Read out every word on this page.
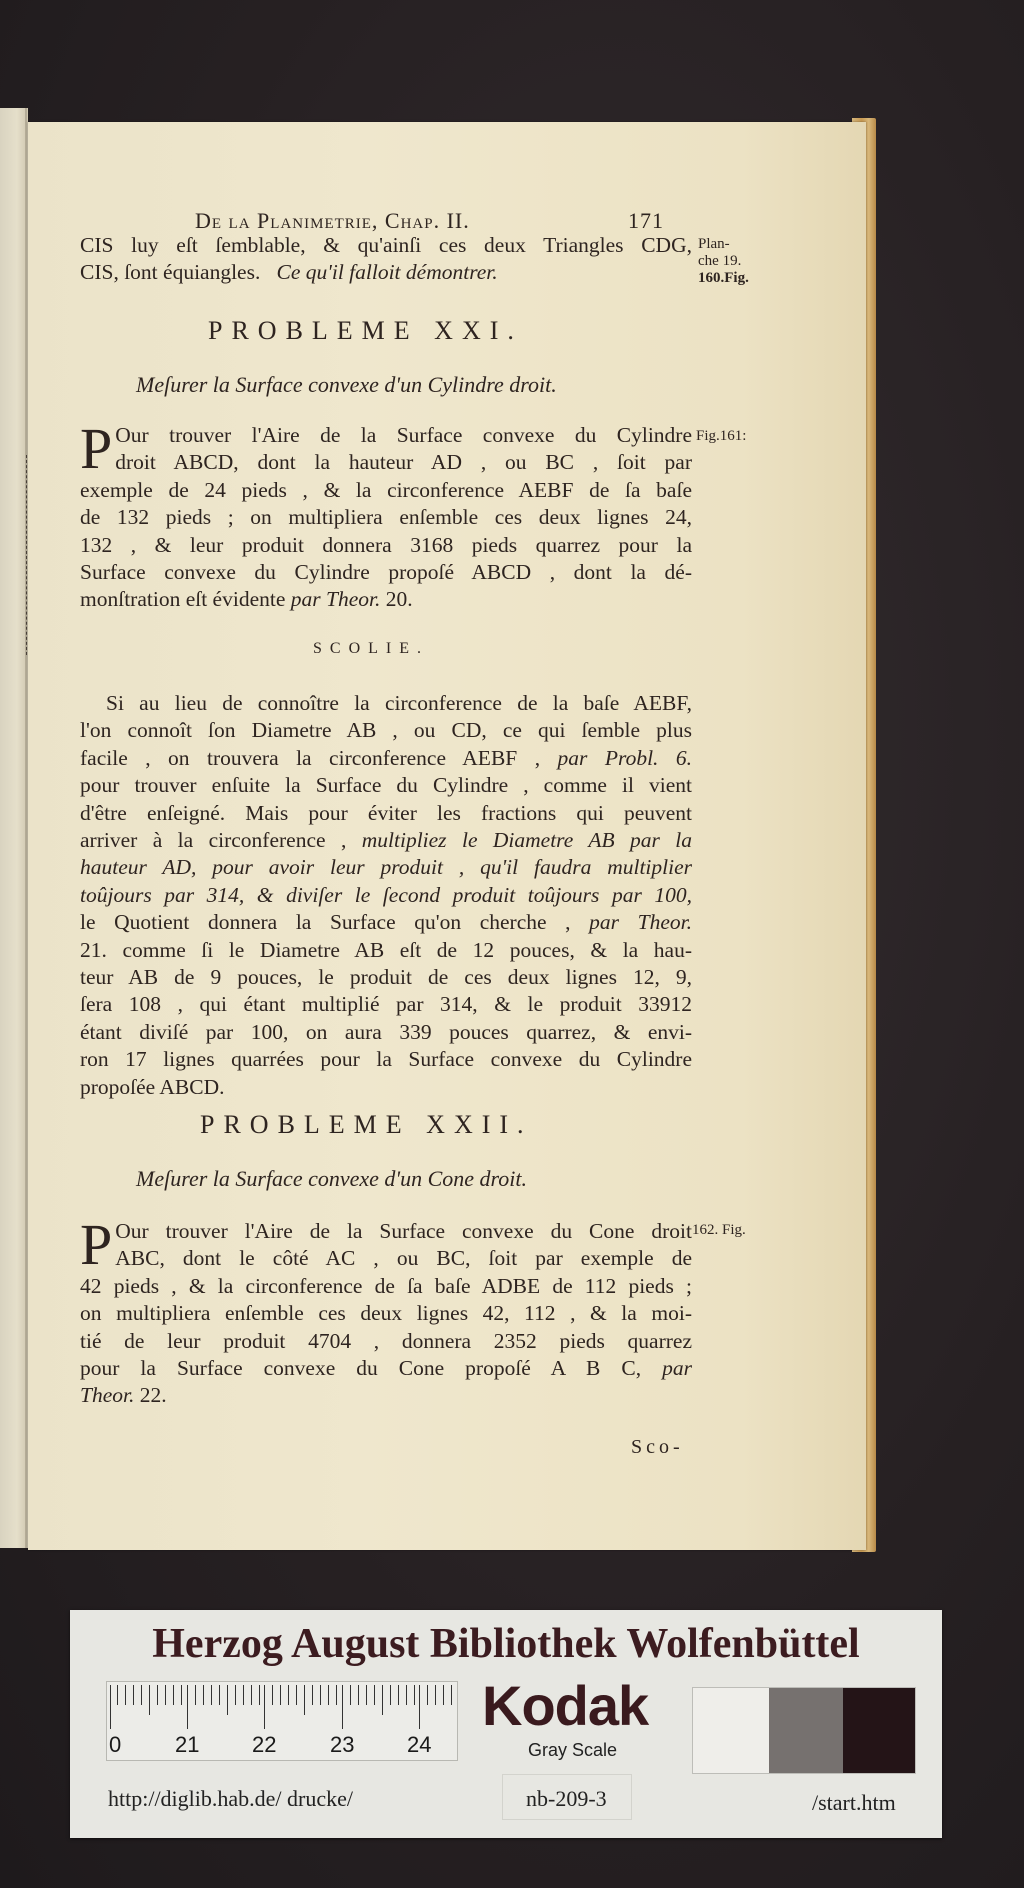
De la Planimetrie, Chap. II.	171
CIS luy eſt ſemblable, & qu'ainſi ces deux Triangles CDG,
CIS, ſont équiangles. Ce qu'il falloit démontrer.
Plan-
che 19.
160.Fig.
PROBLEME XXI.
Meſurer la Surface convexe d'un Cylindre droit.
P Our trouver l'Aire de la Surface convexe du Cylindre
droit ABCD, dont la hauteur AD , ou BC , ſoit par
exemple de 24 pieds , & la circonference AEBF de ſa baſe
de 132 pieds ; on multipliera enſemble ces deux lignes 24,
132 , & leur produit donnera 3168 pieds quarrez pour la
Surface convexe du Cylindre propoſé ABCD , dont la dé-
monſtration eſt évidente par Theor. 20.
Fig.161:
SCOLIE.
Si au lieu de connoître la circonference de la baſe AEBF,
l'on connoît ſon Diametre AB , ou CD, ce qui ſemble plus
facile , on trouvera la circonference AEBF , par Probl. 6.
pour trouver enſuite la Surface du Cylindre , comme il vient
d'être enſeigné. Mais pour éviter les fractions qui peuvent
arriver à la circonference , multipliez le Diametre AB par la
hauteur AD, pour avoir leur produit , qu'il faudra multiplier
toûjours par 314, & diviſer le ſecond produit toûjours par 100,
le Quotient donnera la Surface qu'on cherche , par Theor.
21. comme ſi le Diametre AB eſt de 12 pouces, & la hau-
teur AB de 9 pouces, le produit de ces deux lignes 12, 9,
ſera 108 , qui étant multiplié par 314, & le produit 33912
étant diviſé par 100, on aura 339 pouces quarrez, & envi-
ron 17 lignes quarrées pour la Surface convexe du Cylindre
propoſée ABCD.
PROBLEME XXII.
Meſurer la Surface convexe d'un Cone droit.
P Our trouver l'Aire de la Surface convexe du Cone droit
ABC, dont le côté AC , ou BC, ſoit par exemple de
42 pieds , & la circonference de ſa baſe ADBE de 112 pieds ;
on multipliera enſemble ces deux lignes 42, 112 , & la moi-
tié de leur produit 4704 , donnera 2352 pieds quarrez
pour la Surface convexe du Cone propoſé A B C, par
Theor. 22.
162. Fig.
Sco-
Herzog August Bibliothek Wolfenbüttel
0 21 22 23 24
Kodak
Gray Scale
http://diglib.hab.de/ drucke/	nb-209-3	/start.htm
